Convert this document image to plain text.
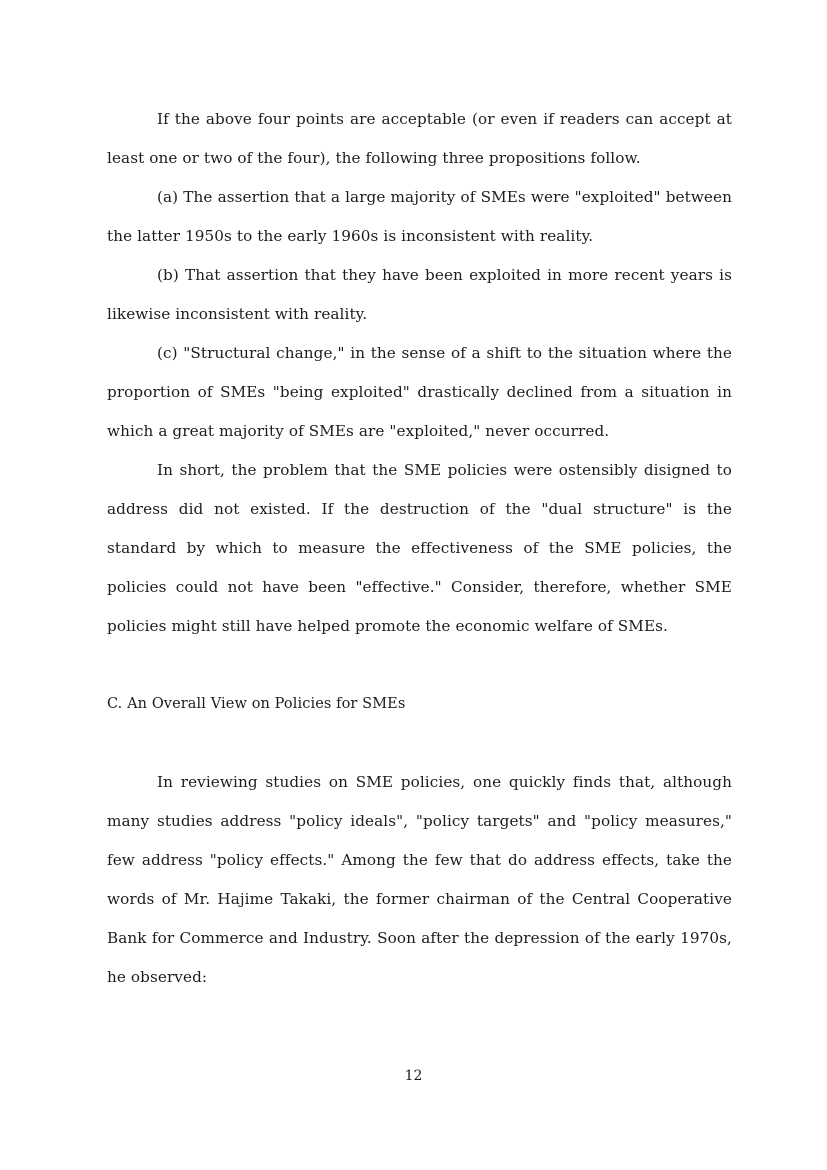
If the above four points are acceptable (or even if readers can accept at least one or two of the four), the following three propositions follow.

(a) The assertion that a large majority of SMEs were "exploited" between the latter 1950s to the early 1960s is inconsistent with reality.

(b) That assertion that they have been exploited in more recent years is likewise inconsistent with reality.

(c) "Structural change," in the sense of a shift to the situation where the proportion of SMEs "being exploited" drastically declined from a situation in which a great majority of SMEs are "exploited," never occurred.

In short, the problem that the SME policies were ostensibly disigned to address did not existed. If the destruction of the "dual structure" is the standard by which to measure the effectiveness of the SME policies, the policies could not have been "effective." Consider, therefore, whether SME policies might still have helped promote the economic welfare of SMEs.

C. An Overall View on Policies for SMEs

In reviewing studies on SME policies, one quickly finds that, although many studies address "policy ideals", "policy targets" and "policy measures," few address "policy effects." Among the few that do address effects, take the words of Mr. Hajime Takaki, the former chairman of the Central Cooperative Bank for Commerce and Industry. Soon after the depression of the early 1970s, he observed:

12
